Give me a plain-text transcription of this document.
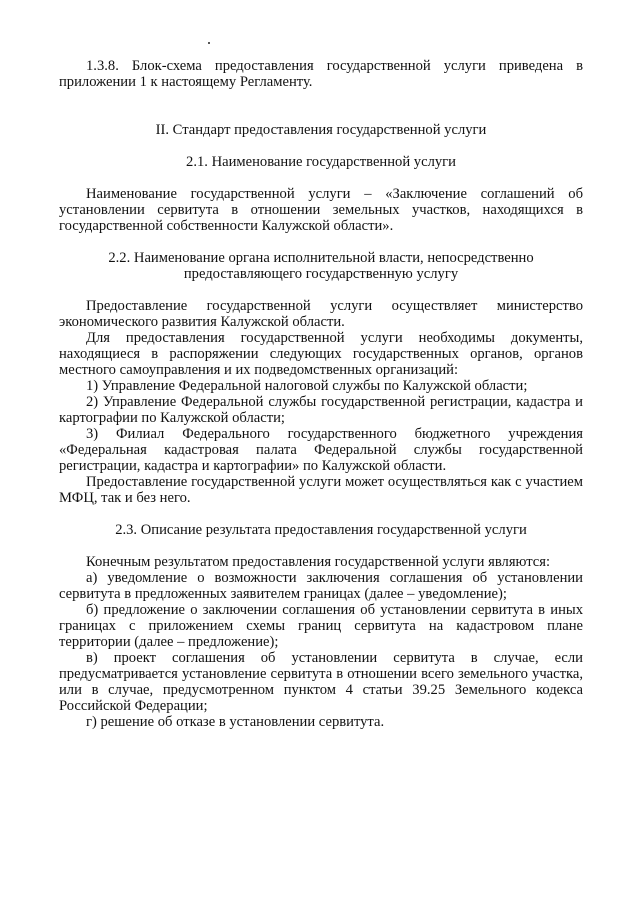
1.3.8. Блок-схема предоставления государственной услуги приведена в приложении 1 к настоящему Регламенту.

II. Стандарт предоставления государственной услуги

2.1. Наименование государственной услуги

Наименование государственной услуги – «Заключение соглашений об установлении сервитута в отношении земельных участков, находящихся в государственной собственности Калужской области».

2.2. Наименование органа исполнительной власти, непосредственно

предоставляющего государственную услугу

Предоставление государственной услуги осуществляет министерство экономического развития Калужской области.

Для предоставления государственной услуги необходимы документы, находящиеся в распоряжении следующих государственных органов, органов местного самоуправления и их подведомственных организаций:

1) Управление Федеральной налоговой службы по Калужской области;

2) Управление Федеральной службы государственной регистрации, кадастра и картографии по Калужской области;

3) Филиал Федерального государственного бюджетного учреждения «Федеральная кадастровая палата Федеральной службы государственной регистрации, кадастра и картографии» по Калужской области.

Предоставление государственной услуги может осуществляться как с участием МФЦ, так и без него.

2.3. Описание результата предоставления государственной услуги

Конечным результатом предоставления государственной услуги являются:

а) уведомление о возможности заключения соглашения об установлении сервитута в предложенных заявителем границах (далее – уведомление);

б) предложение о заключении соглашения об установлении сервитута в иных границах с приложением схемы границ сервитута на кадастровом плане территории (далее – предложение);

в) проект соглашения об установлении сервитута в случае, если предусматривается установление сервитута в отношении всего земельного участка, или в случае, предусмотренном пунктом 4 статьи 39.25 Земельного кодекса Российской Федерации;

г) решение об отказе в установлении сервитута.
